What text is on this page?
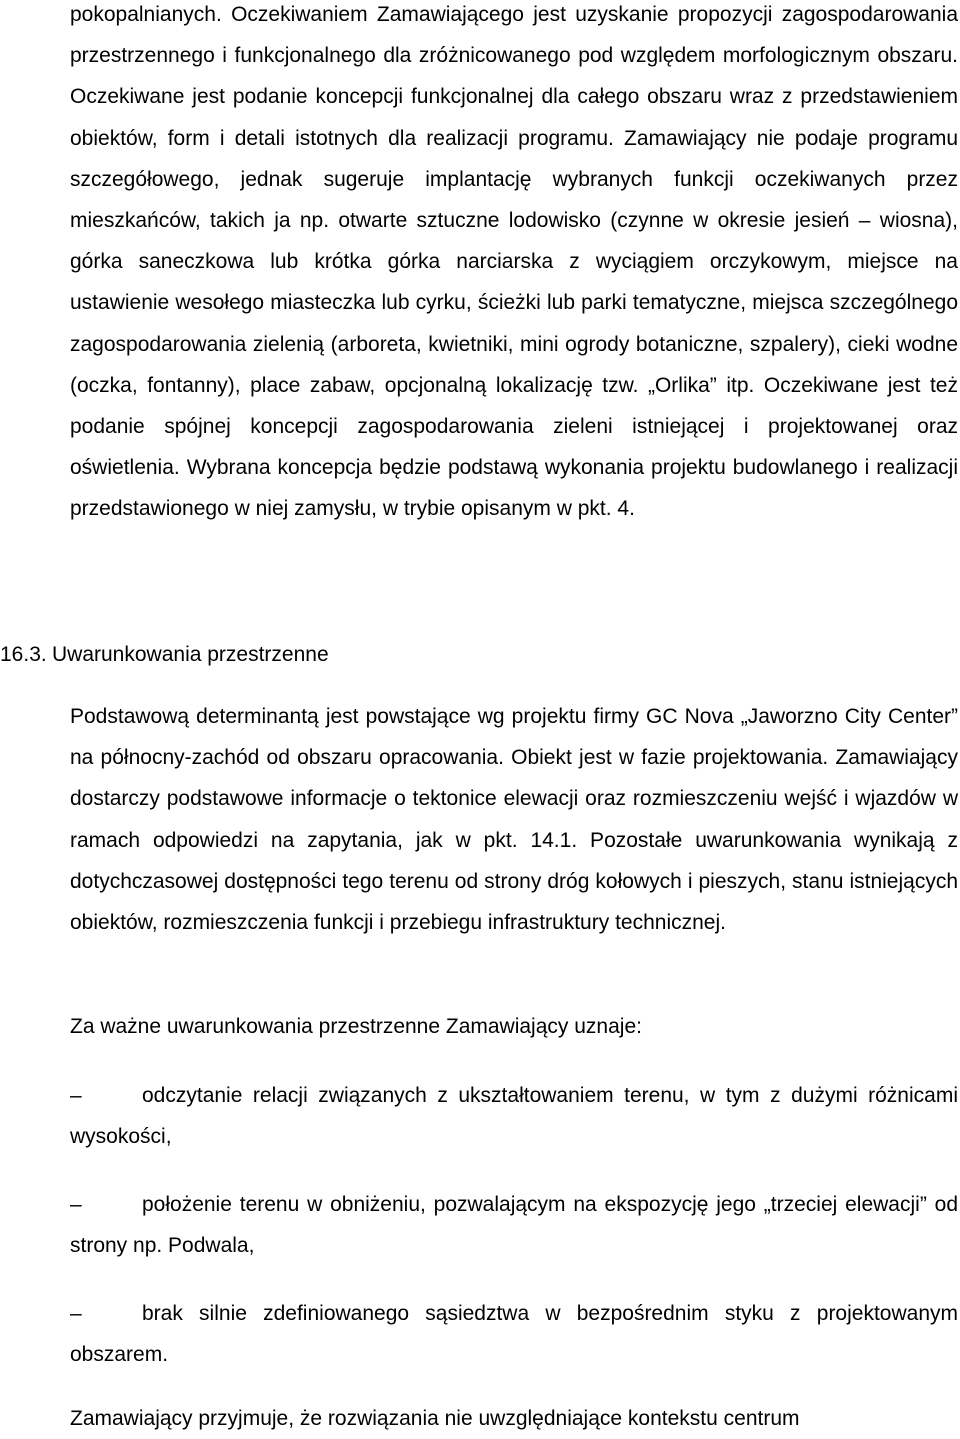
pokopalnianych. Oczekiwaniem Zamawiającego jest uzyskanie propozycji zagospodarowania przestrzennego i funkcjonalnego dla zróżnicowanego pod względem morfologicznym obszaru. Oczekiwane jest podanie koncepcji funkcjonalnej dla całego obszaru wraz z przedstawieniem obiektów, form i detali istotnych dla realizacji programu. Zamawiający nie podaje programu szczegółowego, jednak sugeruje implantację wybranych funkcji oczekiwanych przez mieszkańców, takich ja np. otwarte sztuczne lodowisko (czynne w okresie jesień – wiosna), górka saneczkowa lub krótka górka narciarska z wyciągiem orczykowym, miejsce na ustawienie wesołego miasteczka lub cyrku, ścieżki lub parki tematyczne, miejsca szczególnego zagospodarowania zielenią (arboreta, kwietniki, mini ogrody botaniczne, szpalery), cieki wodne (oczka, fontanny), place zabaw, opcjonalną lokalizację tzw. „Orlika” itp. Oczekiwane jest też podanie spójnej koncepcji zagospodarowania zieleni istniejącej i projektowanej oraz oświetlenia. Wybrana koncepcja będzie podstawą wykonania projektu budowlanego i realizacji przedstawionego w niej zamysłu, w trybie opisanym w pkt. 4.

16.3. Uwarunkowania przestrzenne

Podstawową determinantą jest powstające wg projektu firmy GC Nova „Jaworzno City Center” na północny-zachód od obszaru opracowania. Obiekt jest w fazie projektowania. Zamawiający dostarczy podstawowe informacje o tektonice elewacji oraz rozmieszczeniu wejść i wjazdów w ramach odpowiedzi na zapytania, jak w pkt. 14.1. Pozostałe uwarunkowania wynikają z dotychczasowej dostępności tego terenu od strony dróg kołowych i pieszych, stanu istniejących obiektów, rozmieszczenia funkcji i przebiegu infrastruktury technicznej.

Za ważne uwarunkowania przestrzenne Zamawiający uznaje:

–	odczytanie relacji związanych z ukształtowaniem terenu, w tym z dużymi różnicami wysokości,

–	położenie terenu w obniżeniu, pozwalającym na ekspozycję jego „trzeciej elewacji” od strony np. Podwala,

–	brak silnie zdefiniowanego sąsiedztwa w bezpośrednim styku z projektowanym obszarem.

Zamawiający przyjmuje, że rozwiązania nie uwzględniające kontekstu centrum
